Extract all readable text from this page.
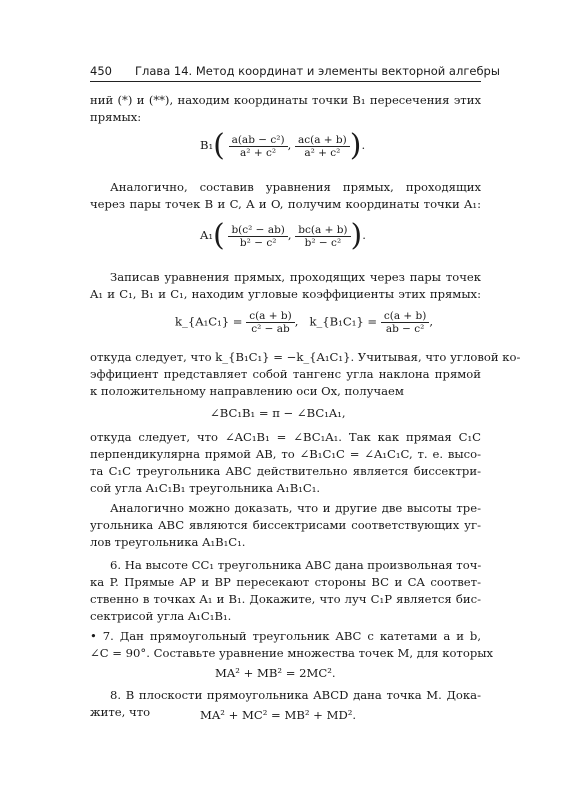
450 Глава 14. Метод координат и элементы векторной алгебры
ний (*) и (**), находим координаты точки B₁ пересечения этих
прямых:
$B_1( \frac{\text{a(ab − c²)}}{\text{a² + c²}}$ , $\frac{ac(a + b)}{\text{a² + c²}}$ ).
Аналогично, составив уравнения прямых, проходящих
через пары точек B и C, A и O, получим координаты точки A₁:
$A_1( \frac{\text{b(c² − ab)}}{\text{b² − c²}}$ , $\frac{bc(a + b)}{\text{b² − c²}}$ ).
Записав уравнения прямых, проходящих через пары точек
A₁ и C₁, B₁ и C₁, находим угловые коэффициенты этих прямых:
k_{A₁C₁} = $\frac{c(a + b)}{\text{c² − ab}}$ ,   k_{B₁C₁} = $\frac{c(a + b)}{\text{ab − c²}}$ ,
откуда следует, что k_{B₁C₁} = −k_{A₁C₁}. Учитывая, что угловой ко-
эффициент представляет собой тангенс угла наклона прямой
к положительному направлению оси Ox, получаем
∠BC₁B₁ = π − ∠BC₁A₁,
откуда следует, что ∠AC₁B₁ = ∠BC₁A₁. Так как прямая C₁C
перпендикулярна прямой AB, то ∠B₁C₁C = ∠A₁C₁C, т. е. высо-
та C₁C треугольника ABC действительно является биссектри-
сой угла A₁C₁B₁ треугольника A₁B₁C₁.
Аналогично можно доказать, что и другие две высоты тре-
угольника ABC являются биссектрисами соответствующих уг-
лов треугольника A₁B₁C₁.
6. На высоте CC₁ треугольника ABC дана произвольная точ-
ка P. Прямые AP и BP пересекают стороны BC и CA соответ-
ственно в точках A₁ и B₁. Докажите, что луч C₁P является бис-
сектрисой угла A₁C₁B₁.
• 7. Дан прямоугольный треугольник ABC с катетами a и b,
∠C = 90°. Составьте уравнение множества точек M, для которых
MA² + MB² = 2MC².
8. В плоскости прямоугольника ABCD дана точка M. Дока-
жите, что	MA² + MC² = MB² + MD².
